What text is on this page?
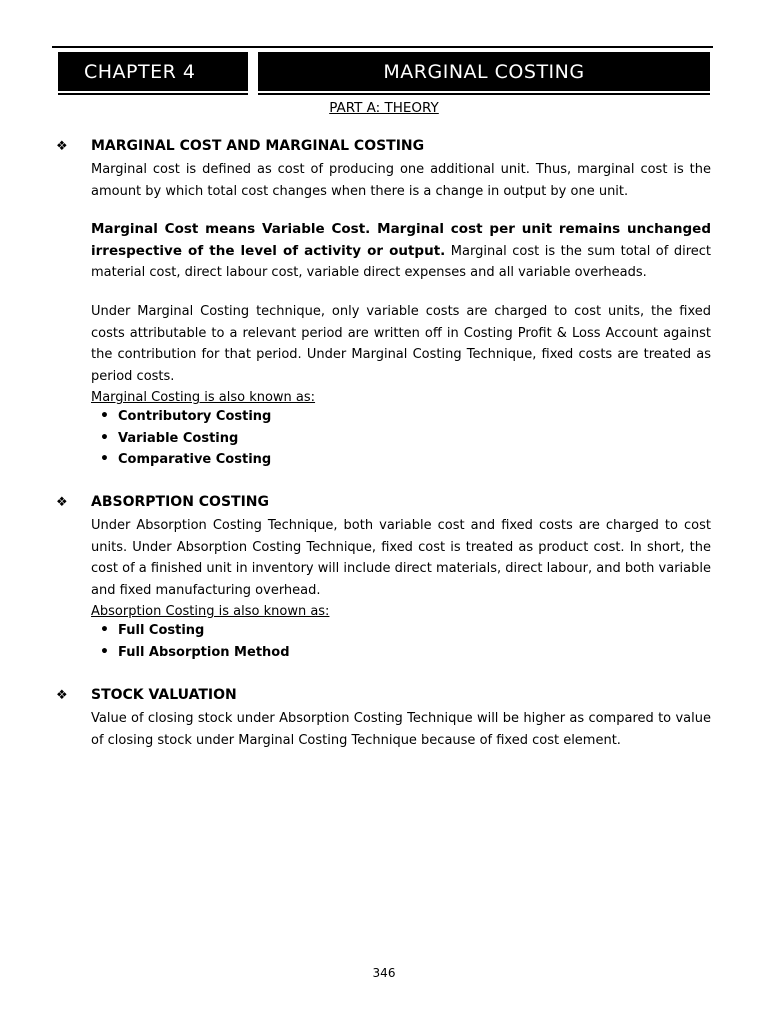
CHAPTER 4	MARGINAL COSTING
PART A: THEORY
❖	MARGINAL COST AND MARGINAL COSTING
Marginal cost is defined as cost of producing one additional unit. Thus, marginal cost is the amount by which total cost changes when there is a change in output by one unit.
Marginal Cost means Variable Cost. Marginal cost per unit remains unchanged irrespective of the level of activity or output. Marginal cost is the sum total of direct material cost, direct labour cost, variable direct expenses and all variable overheads.
Under Marginal Costing technique, only variable costs are charged to cost units, the fixed costs attributable to a relevant period are written off in Costing Profit & Loss Account against the contribution for that period. Under Marginal Costing Technique, fixed costs are treated as period costs.
Marginal Costing is also known as:
• Contributory Costing
• Variable Costing
• Comparative Costing
❖	ABSORPTION COSTING
Under Absorption Costing Technique, both variable cost and fixed costs are charged to cost units. Under Absorption Costing Technique, fixed cost is treated as product cost. In short, the cost of a finished unit in inventory will include direct materials, direct labour, and both variable and fixed manufacturing overhead.
Absorption Costing is also known as:
• Full Costing
• Full Absorption Method
❖	STOCK VALUATION
Value of closing stock under Absorption Costing Technique will be higher as compared to value of closing stock under Marginal Costing Technique because of fixed cost element.
346
